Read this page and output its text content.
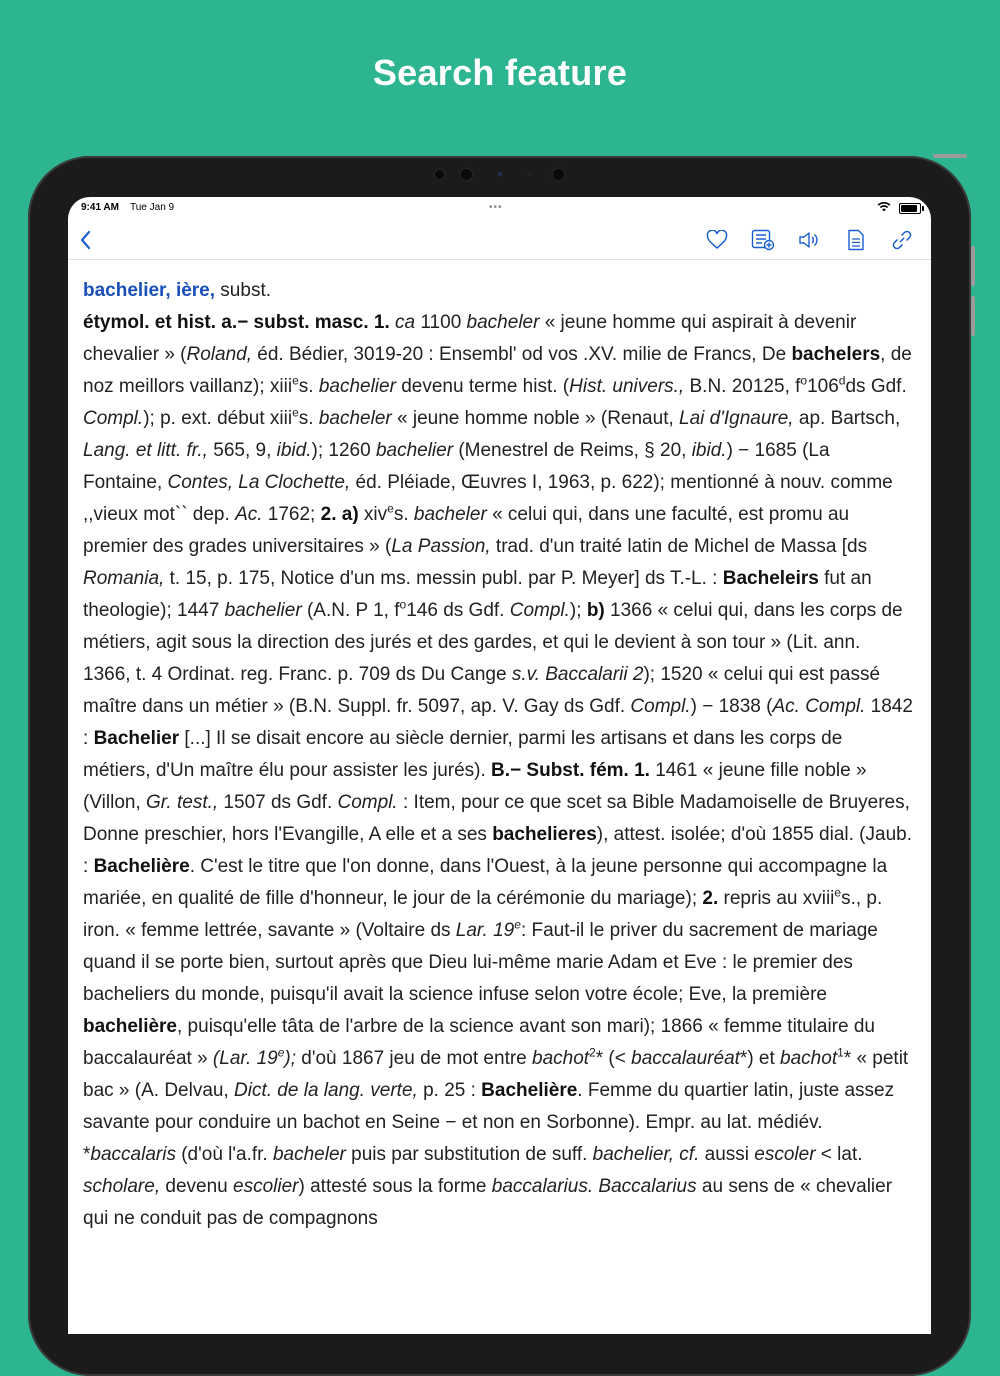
Search feature
9:41 AM Tue Jan 9	•••

bachelier, ière, subst.
étymol. et hist. a.− subst. masc. 1. ca 1100 bacheler « jeune homme qui aspirait à devenir chevalier » (Roland, éd. Bédier, 3019-20 : Ensembl' od vos .XV. milie de Francs, De bachelers, de noz meillors vaillanz); xiii$^e$s. bachelier devenu terme hist. (Hist. univers., B.N. 20125, $f^o106^dds$ Gdf. Compl.); p. ext. début xiii$^e$s. bacheler « jeune homme noble » (Renaut, Lai d'Ignaure, ap. Bartsch, Lang. et litt. fr., 565, 9, ibid.); 1260 bachelier (Menestrel de Reims, § 20, ibid.) − 1685 (La Fontaine, Contes, La Clochette, éd. Pléiade, Œuvres I, 1963, p. 622); mentionné à nouv. comme ,,vieux mot`` dep. Ac. 1762; 2. a) xiv$^e$s. bacheler « celui qui, dans une faculté, est promu au premier des grades universitaires » (La Passion, trad. d'un traité latin de Michel de Massa [ds Romania, t. 15, p. 175, Notice d'un ms. messin publ. par P. Meyer] ds T.-L. : Bacheleirs fut an theologie); 1447 bachelier (A.N. P 1, $f^o146$ ds Gdf. Compl.); b) 1366 « celui qui, dans les corps de métiers, agit sous la direction des jurés et des gardes, et qui le devient à son tour » (Lit. ann. 1366, t. 4 Ordinat. reg. Franc. p. 709 ds Du Cange s.v. Baccalarii 2); 1520 « celui qui est passé maître dans un métier » (B.N. Suppl. fr. 5097, ap. V. Gay ds Gdf. Compl.) − 1838 (Ac. Compl. 1842 : Bachelier [...] Il se disait encore au siècle dernier, parmi les artisans et dans les corps de métiers, d'Un maître élu pour assister les jurés). B.− Subst. fém. 1. 1461 « jeune fille noble » (Villon, Gr. test., 1507 ds Gdf. Compl. : Item, pour ce que scet sa Bible Madamoiselle de Bruyeres, Donne preschier, hors l'Evangille, A elle et a ses bachelieres), attest. isolée; d'où 1855 dial. (Jaub. : Bachelière. C'est le titre que l'on donne, dans l'Ouest, à la jeune personne qui accompagne la mariée, en qualité de fille d'honneur, le jour de la cérémonie du mariage); 2. repris au xviii$^e$s., p. iron. « femme lettrée, savante » (Voltaire ds Lar. 19e: Faut-il le priver du sacrement de mariage quand il se porte bien, surtout après que Dieu lui-même marie Adam et Eve : le premier des bacheliers du monde, puisqu'il avait la science infuse selon votre école; Eve, la première bachelière, puisqu'elle tâta de l'arbre de la science avant son mari); 1866 « femme titulaire du baccalauréat » (Lar. 19e); d'où 1867 jeu de mot entre bachot$^2$* (< baccalauréat*) et bachot$^1$* « petit bac » (A. Delvau, Dict. de la lang. verte, p. 25 : Bachelière. Femme du quartier latin, juste assez savante pour conduire un bachot en Seine − et non en Sorbonne). Empr. au lat. médiév. *baccalaris (d'où l'a.fr. bacheler puis par substitution de suff. bachelier, cf. aussi escoler < lat. scholare, devenu escolier) attesté sous la forme baccalarius. Baccalarius au sens de « chevalier qui ne conduit pas de compagnons
